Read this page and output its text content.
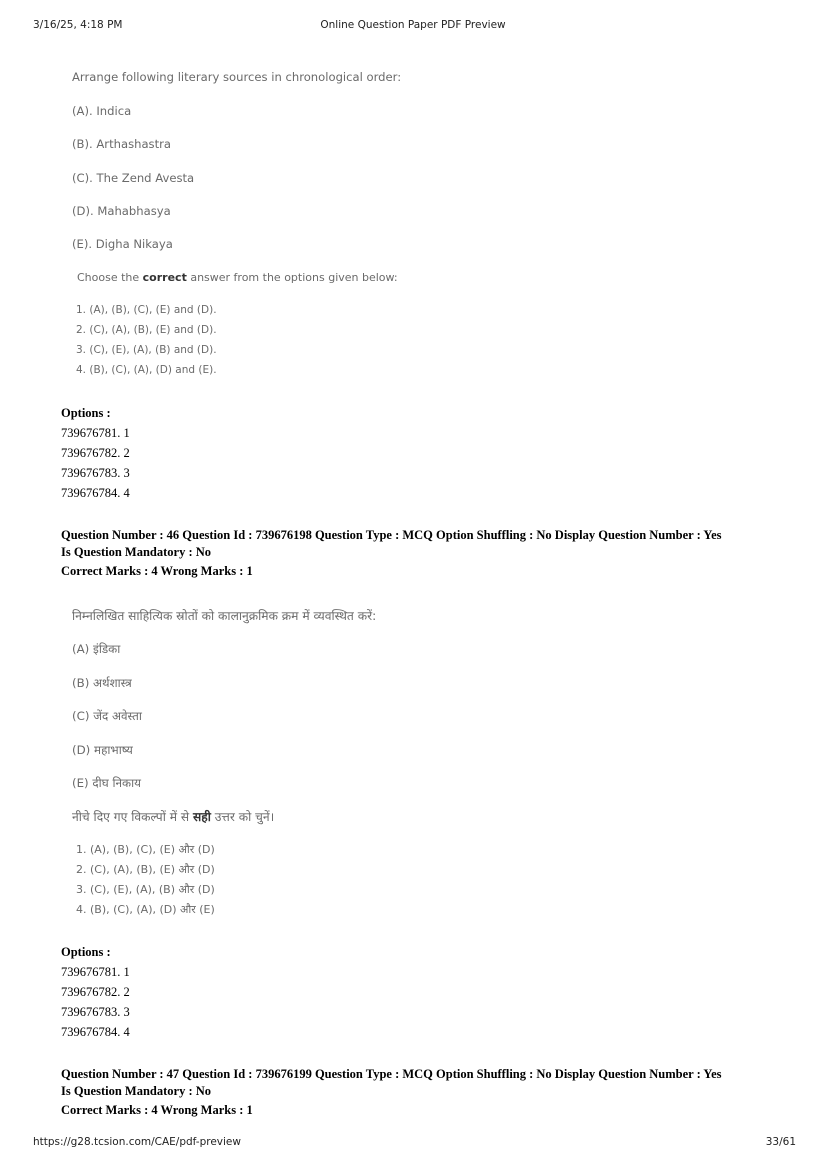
Online Question Paper PDF Preview
3/16/25, 4:18 PM
Arrange following literary sources in chronological order:
(A). Indica
(B). Arthashastra
(C). The Zend Avesta
(D). Mahabhasya
(E). Digha Nikaya
Choose the correct answer from the options given below:
1. (A), (B), (C), (E) and (D).
2. (C), (A), (B), (E) and (D).
3. (C), (E), (A), (B) and (D).
4. (B), (C), (A), (D) and (E).
Options :
739676781. 1
739676782. 2
739676783. 3
739676784. 4
Question Number : 46 Question Id : 739676198 Question Type : MCQ Option Shuffling : No Display Question Number : Yes
Is Question Mandatory : No
Correct Marks : 4 Wrong Marks : 1
निम्नलिखित साहित्यिक स्रोतों को कालानुक्रमिक क्रम में व्यवस्थित करें:
(A) इंडिका
(B) अर्थशास्त्र
(C) जेंद अवेस्ता
(D) महाभाष्य
(E) दीघ निकाय
नीचे दिए गए विकल्पों में से सही उत्तर को चुनें।
1. (A), (B), (C), (E) और (D)
2. (C), (A), (B), (E) और (D)
3. (C), (E), (A), (B) और (D)
4. (B), (C), (A), (D) और (E)
Options :
739676781. 1
739676782. 2
739676783. 3
739676784. 4
Question Number : 47 Question Id : 739676199 Question Type : MCQ Option Shuffling : No Display Question Number : Yes
Is Question Mandatory : No
Correct Marks : 4 Wrong Marks : 1
https://g28.tcsion.com/CAE/pdf-preview	33/61
